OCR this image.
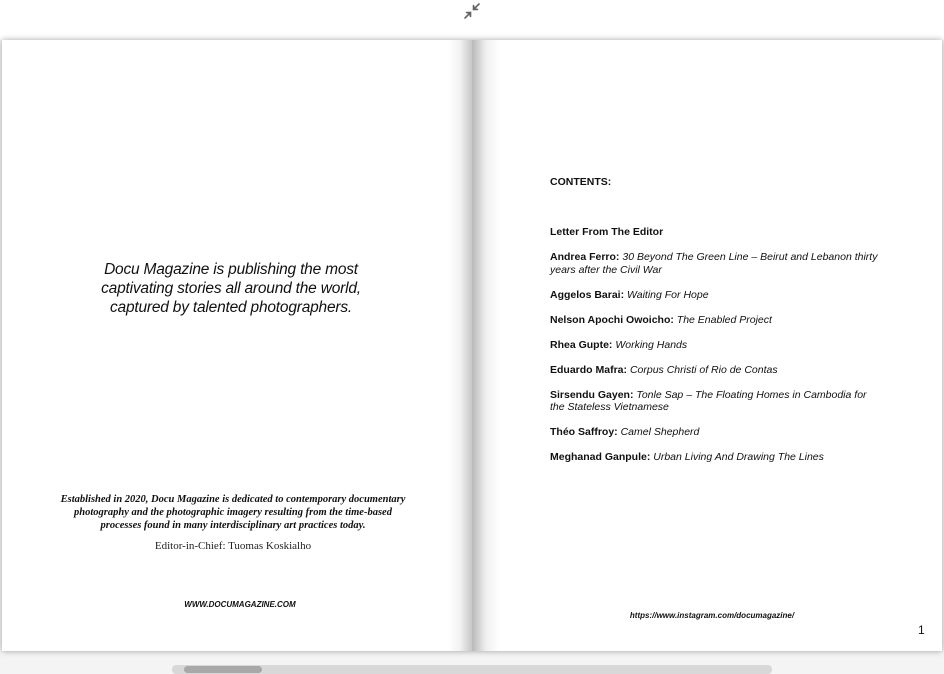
Docu Magazine is publishing the most captivating stories all around the world, captured by talented photographers.
Established in 2020, Docu Magazine is dedicated to contemporary documentary photography and the photographic imagery resulting from the time-based processes found in many interdisciplinary art practices today.
Editor-in-Chief: Tuomas Koskialho
WWW.DOCUMAGAZINE.COM
CONTENTS:
Letter From The Editor
Andrea Ferro: 30 Beyond The Green Line – Beirut and Lebanon thirty years after the Civil War
Aggelos Barai: Waiting For Hope
Nelson Apochi Owoicho: The Enabled Project
Rhea Gupte: Working Hands
Eduardo Mafra: Corpus Christi of Rio de Contas
Sirsendu Gayen: Tonle Sap – The Floating Homes in Cambodia for the Stateless Vietnamese
Théo Saffroy: Camel Shepherd
Meghanad Ganpule: Urban Living And Drawing The Lines
https://www.instagram.com/documagazine/
1
